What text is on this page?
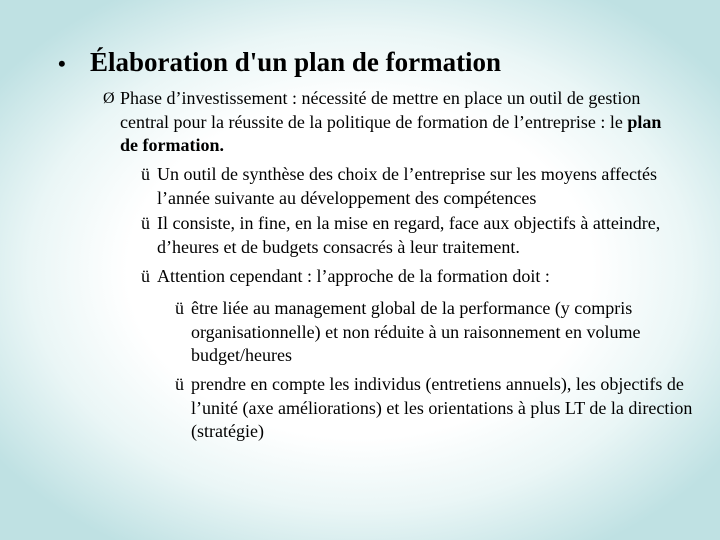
• Élaboration d'un plan de formation
Ø Phase d’investissement : nécessité de mettre en place un outil de gestion central pour la réussite de la politique de formation de l’entreprise : le plan de formation.
ü Un outil de synthèse des choix de l’entreprise sur les moyens affectés l’année suivante au développement des compétences
ü Il consiste, in fine, en la mise en regard, face aux objectifs à atteindre, d’heures et de budgets consacrés à leur traitement.
ü Attention cependant : l’approche de la formation doit :
ü être liée au management global de la performance (y compris organisationnelle) et non réduite à un raisonnement en volume budget/heures
ü prendre en compte les individus (entretiens annuels), les objectifs de l’unité (axe améliorations) et les orientations à plus LT de la direction (stratégie)
